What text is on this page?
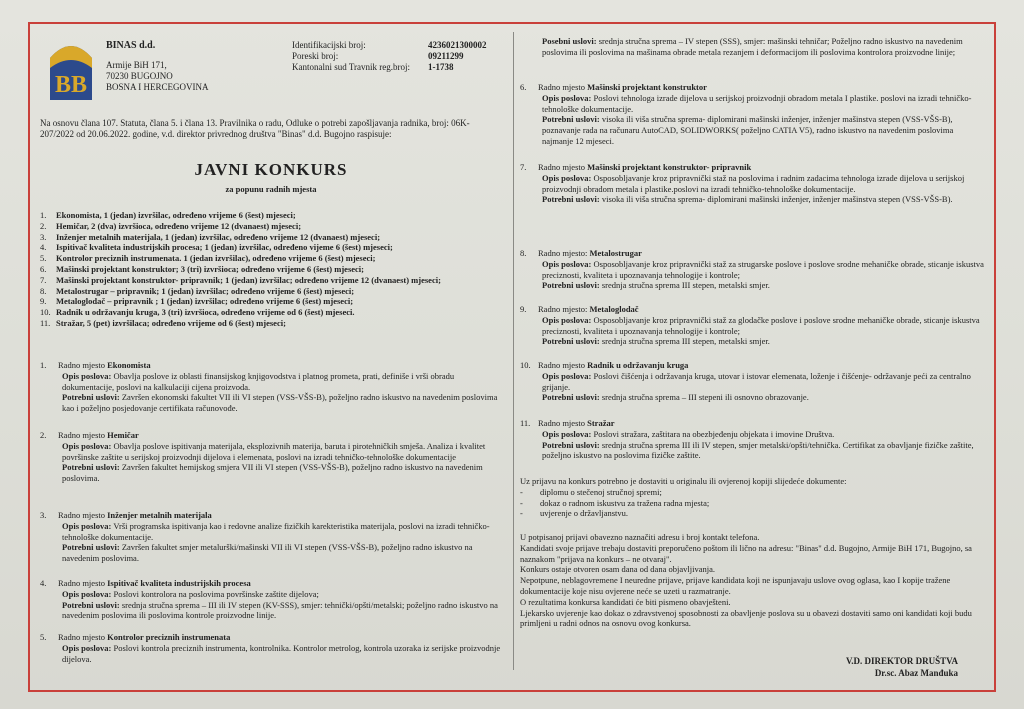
BB
BINAS d.d.
Armije BiH 171,
70230 BUGOJNO
BOSNA I HERCEGOVINA
Identifikacijski broj:	4236021300002
Poreski broj:	09211299
Kantonalni sud Travnik reg.broj:	1-1738

Na osnovu člana 107. Statuta, člana 5. i člana 13. Pravilnika o radu, Odluke o potrebi zapošljavanja radnika, broj: 06K-207/2022 od 20.06.2022. godine, v.d. direktor privrednog društva "Binas" d.d. Bugojno raspisuje:

JAVNI KONKURS
za popunu radnih mjesta
1.	Ekonomista, 1 (jedan) izvršilac, određeno vrijeme 6 (šest) mjeseci;
2.	Hemičar, 2 (dva) izvršioca, određeno vrijeme 12 (dvanaest) mjeseci;
3.	Inženjer metalnih materijala, 1 (jedan) izvršilac, određeno vrijeme 12 (dvanaest) mjeseci;
4.	Ispitivač kvaliteta industrijskih procesa; 1 (jedan) izvršilac, određeno vijeme 6 (šest) mjeseci;
5.	Kontrolor preciznih instrumenata. 1 (jedan izvršilac), određeno vrijeme 6 (šest) mjeseci;
6.	Mašinski projektant konstruktor; 3 (tri) izvršioca; određeno vrijeme 6 (šest) mjeseci;
7.	Mašinski projektant konstruktor- pripravnik; 1 (jedan) izvršilac; određeno vrijeme 12 (dvanaest) mjeseci;
8.	Metalostrugar – pripravnik; 1 (jedan) izvršilac; određeno vrijeme 6 (šest) mjeseci;
9.	Metaloglodač – pripravnik ; 1 (jedan) izvršilac; određeno vrijeme 6 (šest) mjeseci;
10. Radnik u održavanju kruga, 3 (tri) izvršioca, određeno vrijeme od 6 (šest) mjeseci.
11. Stražar, 5 (pet) izvršilaca; određeno vrijeme od 6 (šest) mjeseci;
1.	Radno mjesto Ekonomista
Opis poslova: Obavlja poslove iz oblasti finansijskog knjigovodstva i platnog prometa, prati, definiše i vrši obradu dokumentacije, poslovi na kalkulaciji cijena proizvoda.
Potrebni uslovi: Završen ekonomski fakultet VII ili VI stepen (VSS-VŠS-B), poželjno radno iskustvo na navedenim poslovima kao i poželjno posjedovanje certifikata računovođe.
2.	Radno mjesto Hemičar
Opis poslova: Obavlja poslove ispitivanja materijala, eksplozivnih materija, baruta i pirotehničkih smješa. Analiza i kvalitet površinske zaštite u serijskoj proizvodnji dijelova i elemenata, poslovi na izradi tehničko-tehnološke dokumentacije
Potrebni uslovi: Završen fakultet hemijskog smjera VII ili VI stepen (VSS-VŠS-B), poželjno radno iskustvo na navedenim poslovima.
3.	Radno mjesto Inženjer metalnih materijala
Opis poslova: Vrši programska ispitivanja kao i redovne analize fizičkih karekteristika materijala, poslovi na izradi tehničko-tehnološke dokumentacije.
Potrebni uslovi: Završen fakultet smjer metalurški/mašinski VII ili VI stepen (VSS-VŠS-B), poželjno radno iskustvo na navedenim poslovima.
4.	Radno mjesto Ispitivač kvaliteta industrijskih procesa
Opis poslova: Poslovi kontrolora na poslovima površinske zaštite dijelova;
Potrebni uslovi: srednja stručna sprema – III ili IV stepen (KV-SSS), smjer: tehnički/opšti/metalski; poželjno radno iskustvo na navedenim poslovima ili poslovima kontrole proizvodne linije.
5.	Radno mjesto Kontrolor preciznih instrumenata
Opis poslova: Poslovi kontrola preciznih instrumenta, kontrolnika. Kontrolor metrolog, kontrola uzoraka iz serijske proizvodnje dijelova.
6.	Radno mjesto Mašinski projektant konstruktor
Opis poslova: Poslovi tehnologa izrade dijelova u serijskoj proizvodnji obradom metala I plastike. poslovi na izradi tehničko-tehnološke dokumentacije.
Potrebni uslovi: visoka ili viša stručna sprema- diplomirani mašinski inženjer, inženjer mašinstva stepen (VSS-VŠS-B), poznavanje rada na računaru AutoCAD, SOLIDWORKS( poželjno CATIA V5), radno iskustvo na navedenim poslovima najmanje 12 mjeseci.
7.	Radno mjesto Mašinski projektant konstruktor- pripravnik
Opis poslova: Osposobljavanje kroz pripravnički staž na poslovima i radnim zadacima tehnologa izrade dijelova u serijskoj proizvodnji obradom metala i plastike.poslovi na izradi tehničko-tehnološke dokumentacije.
Potrebni uslovi: visoka ili viša stručna sprema- diplomirani mašinski inženjer, inženjer mašinstva stepen (VSS-VŠS-B).
8.	Radno mjesto: Metalostrugar
Opis poslova: Osposobljavanje kroz pripravnički staž za strugarske poslove i poslove srodne mehaničke obrade, sticanje iskustva preciznosti, kvaliteta i upoznavanja tehnologije i kontrole;
Potrebni uslovi: srednja stručna sprema III stepen, metalski smjer.
9.	Radno mjesto: Metaloglodač
Opis poslova: Osposobljavanje kroz pripravnički staž za glodačke poslove i poslove srodne mehaničke obrade, sticanje iskustva preciznosti, kvaliteta i upoznavanja tehnologije i kontrole;
Potrebni uslovi: srednja stručna sprema III stepen, metalski smjer.
10. Radno mjesto Radnik u održavanju kruga
Opis poslova: Poslovi čišćenja i održavanja kruga, utovar i istovar elemenata, loženje i čišćenje- održavanje peći za centralno grijanje.
Potrebni uslovi: srednja stručna sprema – III stepeni ili osnovno obrazovanje.
11. Radno mjesto Stražar
Opis poslova: Poslovi stražara, zaštitara na obezbjeđenju objekata i imovine Društva.
Potrebni uslovi: srednja stručna sprema III ili IV stepen, smjer metalski/opšti/tehnička. Certifikat za obavljanje fizičke zaštite, poželjno iskustvo na poslovima fizičke zaštite.
Posebni uslovi: srednja stručna sprema – IV stepen (SSS), smjer: mašinski tehničar; Poželjno radno iskustvo na navedenim poslovima ili poslovima na mašinama obrade metala rezanjem i deformacijom ili poslovima kontrolora proizvodne linije;

Uz prijavu na konkurs potrebno je dostaviti u originalu ili ovjerenoj kopiji slijedeće dokumente:

-	diplomu o stečenoj stručnoj spremi;
-	dokaz o radnom iskustvu za tražena radna mjesta;
-	uvjerenje o državljanstvu.

U potpisanoj prijavi obavezno naznačiti adresu i broj kontakt telefona.

Kandidati svoje prijave trebaju dostaviti preporučeno poštom ili lično na adresu: "Binas" d.d. Bugojno, Armije BiH 171, Bugojno, sa naznakom "prijava na konkurs – ne otvaraj".

Konkurs ostaje otvoren osam dana od dana objavljivanja.

Nepotpune, neblagovremene I neuredne prijave, prijave kandidata koji ne ispunjavaju uslove ovog oglasa, kao I kopije tražene dokumentacije koje nisu ovjerene neće se uzeti u razmatranje.

O rezultatima konkursa kandidati će biti pismeno obavješteni.

Ljekarsko uvjerenje kao dokaz o zdravstvenoj sposobnosti za obavljenje poslova su u obavezi dostaviti samo oni kandidati koji budu primljeni u radni odnos na osnovu ovog konkursa.

V.D. DIREKTOR DRUŠTVA
Dr.sc. Abaz Manđuka
